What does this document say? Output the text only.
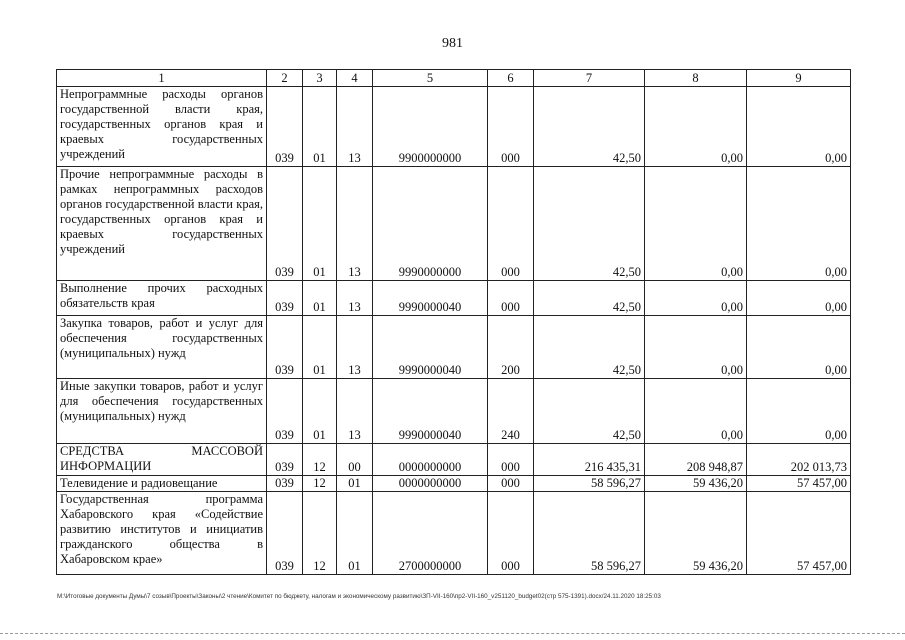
981
1	2	3	4	5	6	7	8	9
Непрограммные расходы органов государственной власти края, государственных органов края и краевых государственных учреждений	039	01	13	9900000000	000	42,50	0,00	0,00
Прочие непрограммные расходы в рамках непрограммных расходов органов государственной власти края, государственных органов края и краевых государственных учреждений	039	01	13	9990000000	000	42,50	0,00	0,00
Выполнение прочих расходных обязательств края	039	01	13	9990000040	000	42,50	0,00	0,00
Закупка товаров, работ и услуг для обеспечения государственных (муниципальных) нужд	039	01	13	9990000040	200	42,50	0,00	0,00
Иные закупки товаров, работ и услуг для обеспечения государственных (муниципальных) нужд	039	01	13	9990000040	240	42,50	0,00	0,00
СРЕДСТВА МАССОВОЙ ИНФОРМАЦИИ	039	12	00	0000000000	000	216 435,31	208 948,87	202 013,73
Телевидение и радиовещание	039	12	01	0000000000	000	58 596,27	59 436,20	57 457,00
Государственная программа Хабаровского края «Содействие развитию институтов и инициатив гражданского общества в Хабаровском крае»	039	12	01	2700000000	000	58 596,27	59 436,20	57 457,00
M:\Итоговые документы Думы\7 созыв\Проекты\Законы\2 чтение\Комитет по бюджету, налогам и экономическому развитию\ЗП-VII-160\пр2-VII-160_v251120_budget02(стр 575-1391).docx/24.11.2020 18:25:03
